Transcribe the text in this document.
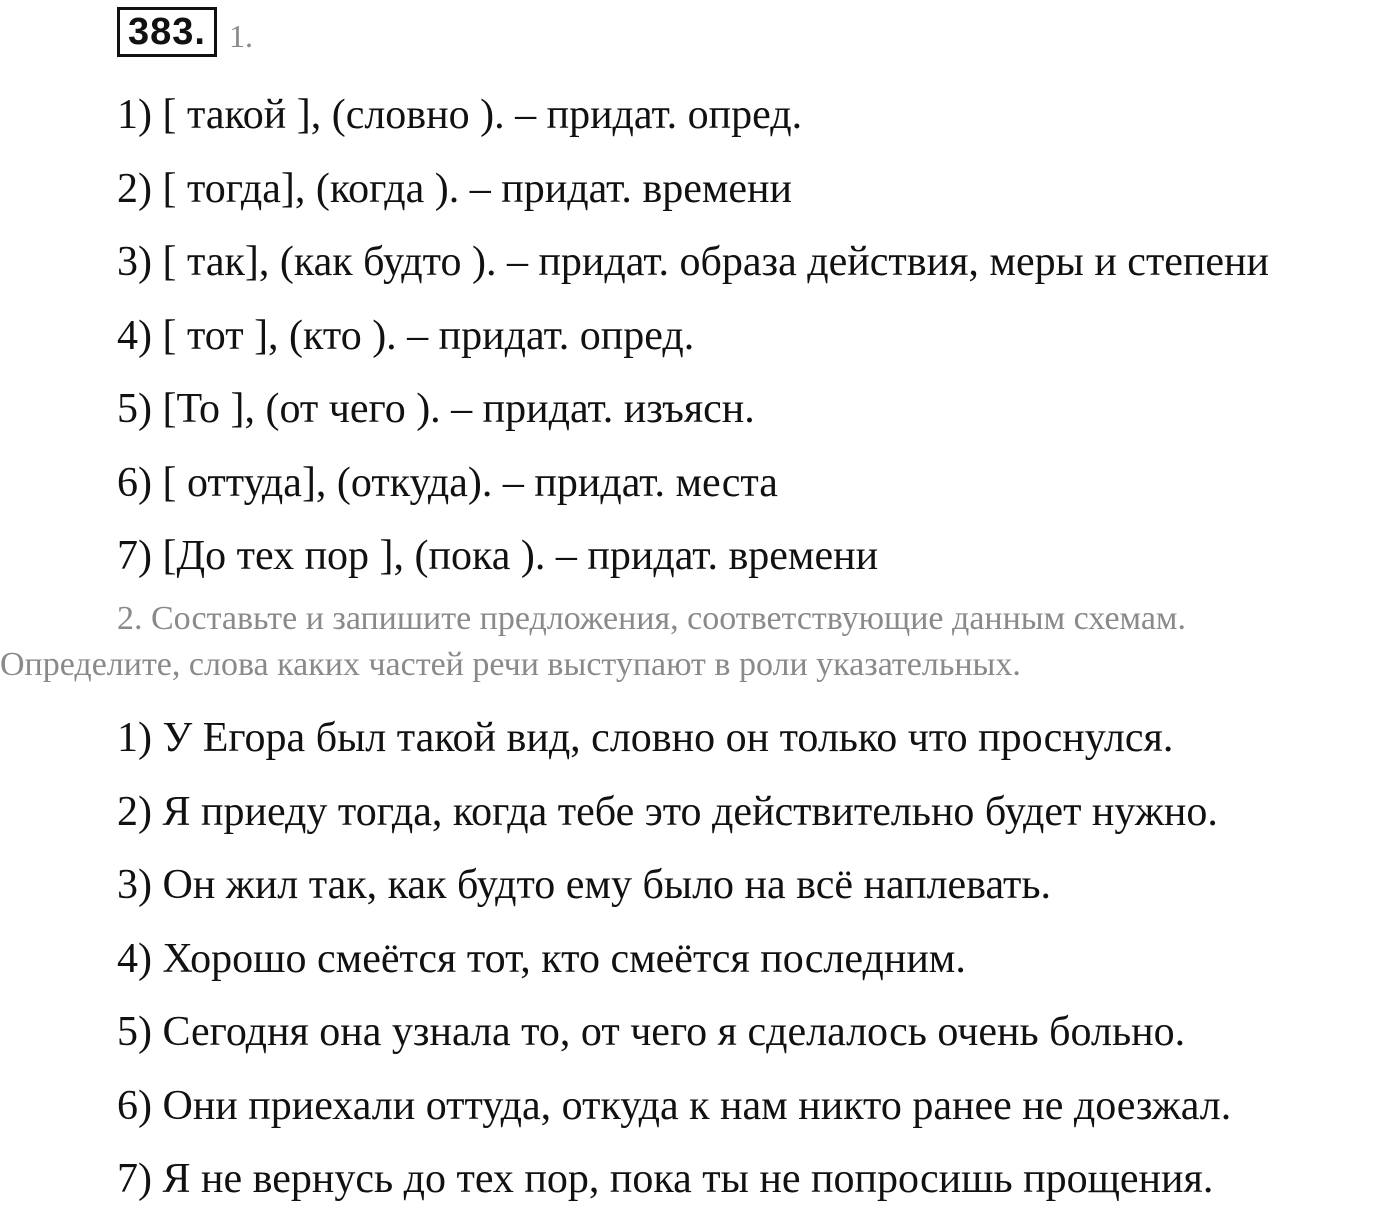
383. 1.
1) [ такой ], (словно ). – придат. опред.
2) [ тогда], (когда ). – придат. времени
3) [ так], (как будто ). – придат. образа действия, меры и степени
4) [ тот ], (кто ). – придат. опред.
5) [То ], (от чего ). – придат. изъясн.
6) [ оттуда], (откуда). – придат. места
7) [До тех пор ], (пока ). – придат. времени

2. Составьте и запишите предложения, соответствующие данным схемам.

Определите, слова каких частей речи выступают в роли указательных.

1) У Егора был такой вид, словно он только что проснулся.
2) Я приеду тогда, когда тебе это действительно будет нужно.
3) Он жил так, как будто ему было на всё наплевать.
4) Хорошо смеётся тот, кто смеётся последним.
5) Сегодня она узнала то, от чего я сделалось очень больно.
6) Они приехали оттуда, откуда к нам никто ранее не доезжал.
7) Я не вернусь до тех пор, пока ты не попросишь прощения.
